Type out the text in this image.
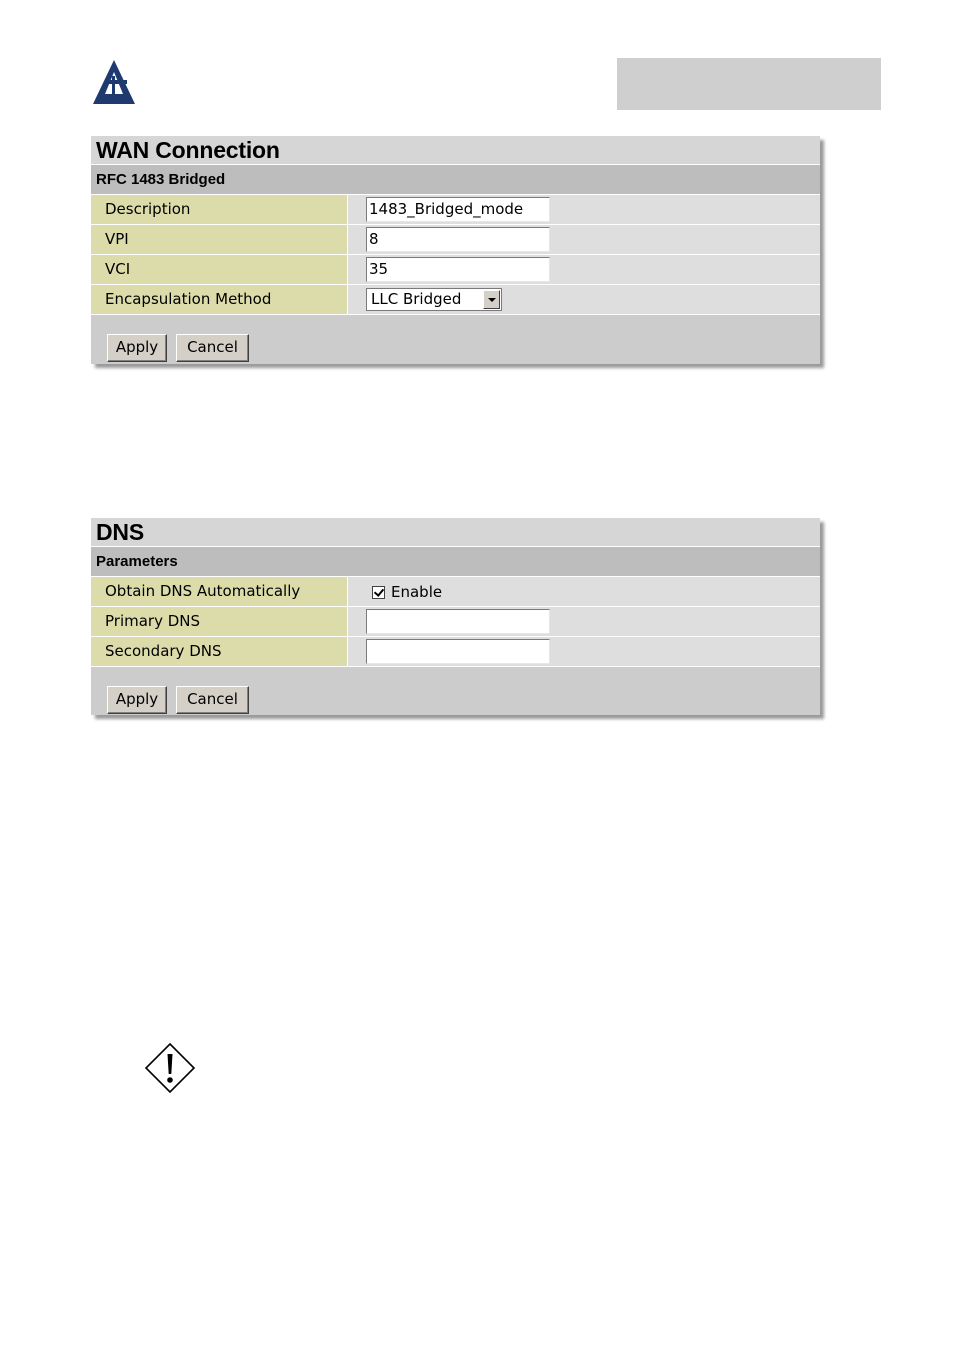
WAN Connection
RFC 1483 Bridged
Description	1483_Bridged_mode
VPI	8
VCI	35
Encapsulation Method	LLC Bridged
Apply	Cancel
DNS
Parameters
Obtain DNS Automatically	Enable
Primary DNS
Secondary DNS
Apply	Cancel
